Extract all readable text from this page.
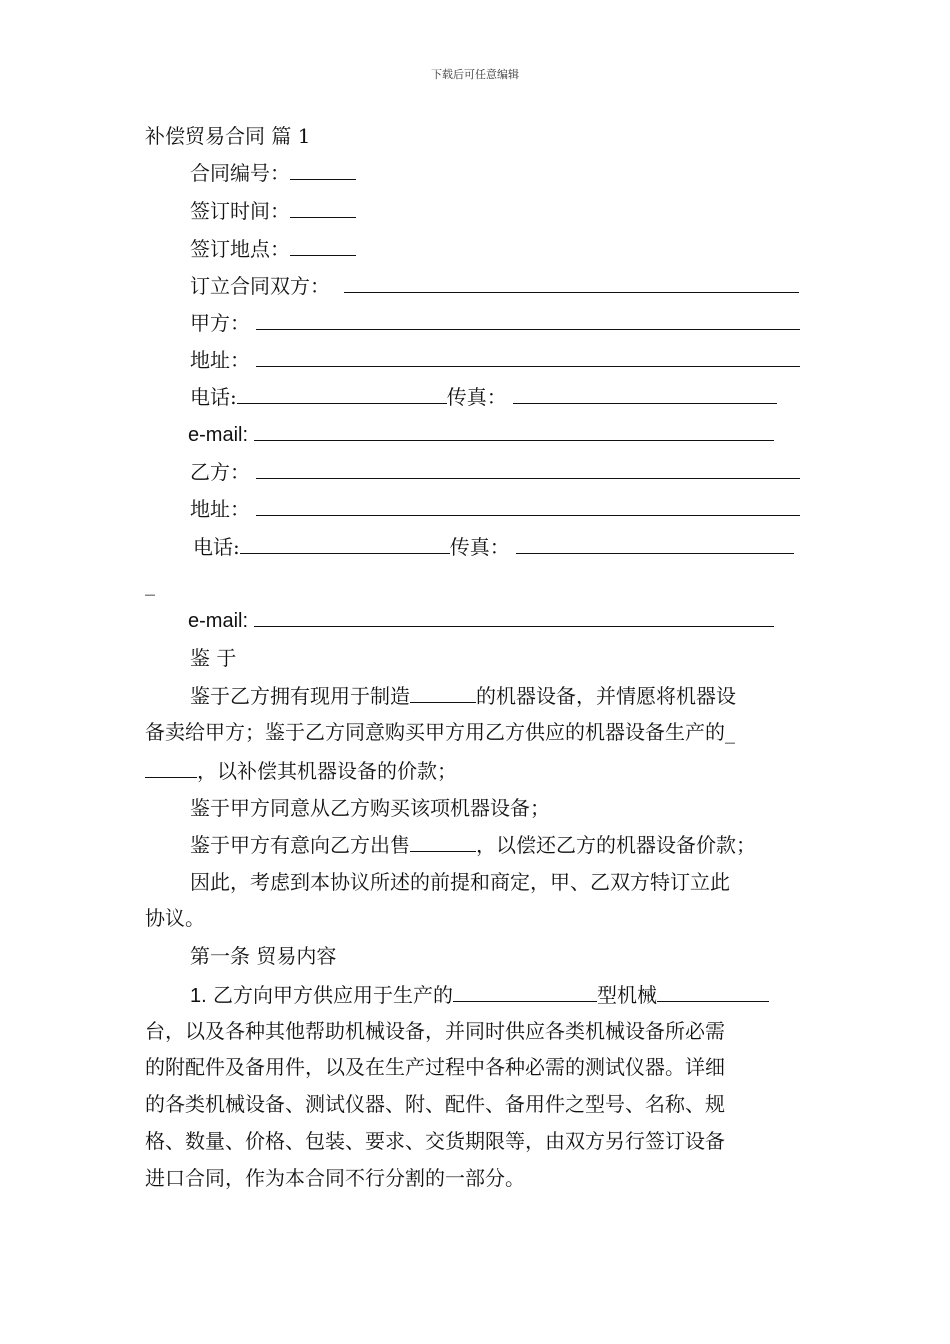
下载后可任意编辑
补偿贸易合同 篇 1
合同编号：
签订时间：
签订地点：
订立合同双方：
甲方：
地址：
电话:	传真：
e-mail:
乙方：
地址：
电话:	传真：
_
e-mail:
鉴 于
鉴于乙方拥有现用于制造	的机器设备，并情愿将机器设
备卖给甲方；鉴于乙方同意购买甲方用乙方供应的机器设备生产的_
，以补偿其机器设备的价款；
鉴于甲方同意从乙方购买该项机器设备；
鉴于甲方有意向乙方出售	，以偿还乙方的机器设备价款；
因此，考虑到本协议所述的前提和商定，甲、乙双方特订立此
协议。
第一条 贸易内容
1. 乙方向甲方供应用于生产的	型机械
台，以及各种其他帮助机械设备，并同时供应各类机械设备所必需
的附配件及备用件，以及在生产过程中各种必需的测试仪器。详细
的各类机械设备、测试仪器、附、配件、备用件之型号、名称、规
格、数量、价格、包装、要求、交货期限等，由双方另行签订设备
进口合同，作为本合同不行分割的一部分。
